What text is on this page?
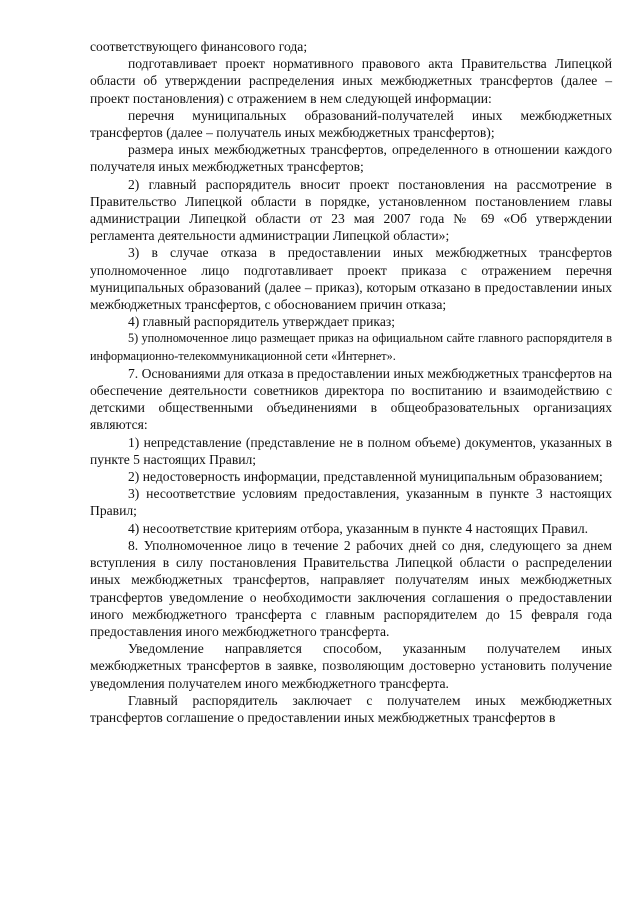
соответствующего финансового года;

подготавливает проект нормативного правового акта Правительства Липецкой области об утверждении распределения иных межбюджетных трансфертов (далее – проект постановления) с отражением в нем следующей информации:

перечня муниципальных образований-получателей иных межбюджетных трансфертов (далее – получатель иных межбюджетных трансфертов);

размера иных межбюджетных трансфертов, определенного в отношении каждого получателя иных межбюджетных трансфертов;

2) главный распорядитель вносит проект постановления на рассмотрение в Правительство Липецкой области в порядке, установленном постановлением главы администрации Липецкой области от 23 мая 2007 года № 69 «Об утверждении регламента деятельности администрации Липецкой области»;

3) в случае отказа в предоставлении иных межбюджетных трансфертов уполномоченное лицо подготавливает проект приказа с отражением перечня муниципальных образований (далее – приказ), которым отказано в предоставлении иных межбюджетных трансфертов, с обоснованием причин отказа;

4) главный распорядитель утверждает приказ;

5) уполномоченное лицо размещает приказ на официальном сайте главного распорядителя в информационно-телекоммуникационной сети «Интернет».

7. Основаниями для отказа в предоставлении иных межбюджетных трансфертов на обеспечение деятельности советников директора по воспитанию и взаимодействию с детскими общественными объединениями в общеобразовательных организациях являются:

1) непредставление (представление не в полном объеме) документов, указанных в пункте 5 настоящих Правил;

2) недостоверность информации, представленной муниципальным образованием;

3) несоответствие условиям предоставления, указанным в пункте 3 настоящих Правил;

4) несоответствие критериям отбора, указанным в пункте 4 настоящих Правил.

8. Уполномоченное лицо в течение 2 рабочих дней со дня, следующего за днем вступления в силу постановления Правительства Липецкой области о распределении иных межбюджетных трансфертов, направляет получателям иных межбюджетных трансфертов уведомление о необходимости заключения соглашения о предоставлении иного межбюджетного трансферта с главным распорядителем до 15 февраля года предоставления иного межбюджетного трансферта.

Уведомление направляется способом, указанным получателем иных межбюджетных трансфертов в заявке, позволяющим достоверно установить получение уведомления получателем иного межбюджетного трансферта.

Главный распорядитель заключает с получателем иных межбюджетных трансфертов соглашение о предоставлении иных межбюджетных трансфертов в
